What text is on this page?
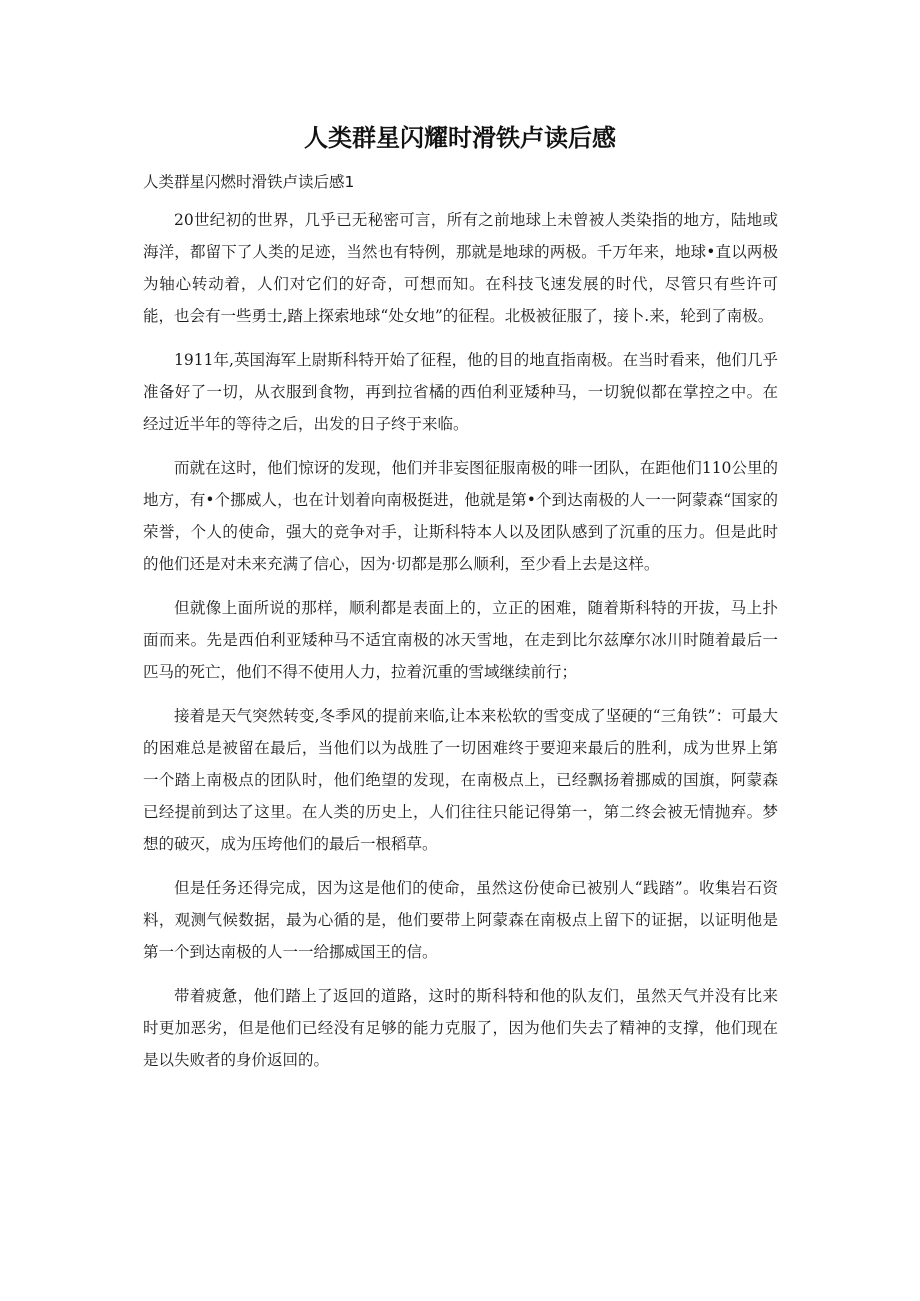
人类群星闪耀时滑铁卢读后感
人类群星闪燃时滑铁卢读后感1

20世纪初的世界，几乎已无秘密可言，所有之前地球上未曾被人类染指的地方，陆地或海洋，都留下了人类的足迹，当然也有特例，那就是地球的两极。千万年来，地球•直以两极为轴心转动着，人们对它们的好奇，可想而知。在科技飞速发展的时代，尽管只有些许可能，也会有一些勇士,踏上探索地球“处女地”的征程。北极被征服了，接卜.来，轮到了南极。

1911年,英国海军上尉斯科特开始了征程，他的目的地直指南极。在当时看来，他们几乎准备好了一切，从衣服到食物，再到拉省橘的西伯利亚矮种马，一切貌似都在掌控之中。在经过近半年的等待之后，出发的日子终于来临。

而就在这时，他们惊讶的发现，他们并非妄图征服南极的啡一团队，在距他们110公里的地方，有•个挪威人，也在计划着向南极挺进，他就是第•个到达南极的人一一阿蒙森“国家的荣誉，个人的使命，强大的竞争对手，让斯科特本人以及团队感到了沉重的压力。但是此时的他们还是对未来充满了信心，因为·切都是那么顺利，至少看上去是这样。

但就像上面所说的那样，顺利都是表面上的，立正的困难，随着斯科特的开拔，马上扑面而来。先是西伯利亚矮种马不适宜南极的冰天雪地，在走到比尔兹摩尔冰川时随着最后一匹马的死亡，他们不得不使用人力，拉着沉重的雪域继续前行；

接着是天气突然转变,冬季风的提前来临,让本来松软的雪变成了坚硬的“三角铁”：可最大的困难总是被留在最后，当他们以为战胜了一切困难终于要迎来最后的胜利，成为世界上第一个踏上南极点的团队时，他们绝望的发现，在南极点上，已经飘扬着挪威的国旗，阿蒙森已经提前到达了这里。在人类的历史上，人们往往只能记得第一，第二终会被无情抛弃。梦想的破灭，成为压垮他们的最后一根稻草。

但是任务还得完成，因为这是他们的使命，虽然这份使命已被别人“践踏”。收集岩石资料，观测气候数据，最为心循的是，他们要带上阿蒙森在南极点上留下的证据，以证明他是第一个到达南极的人一一给挪威国王的信。

带着疲惫，他们踏上了返回的道路，这时的斯科特和他的队友们，虽然天气并没有比来时更加恶劣，但是他们已经没有足够的能力克服了，因为他们失去了精神的支撑，他们现在是以失败者的身价返回的。
